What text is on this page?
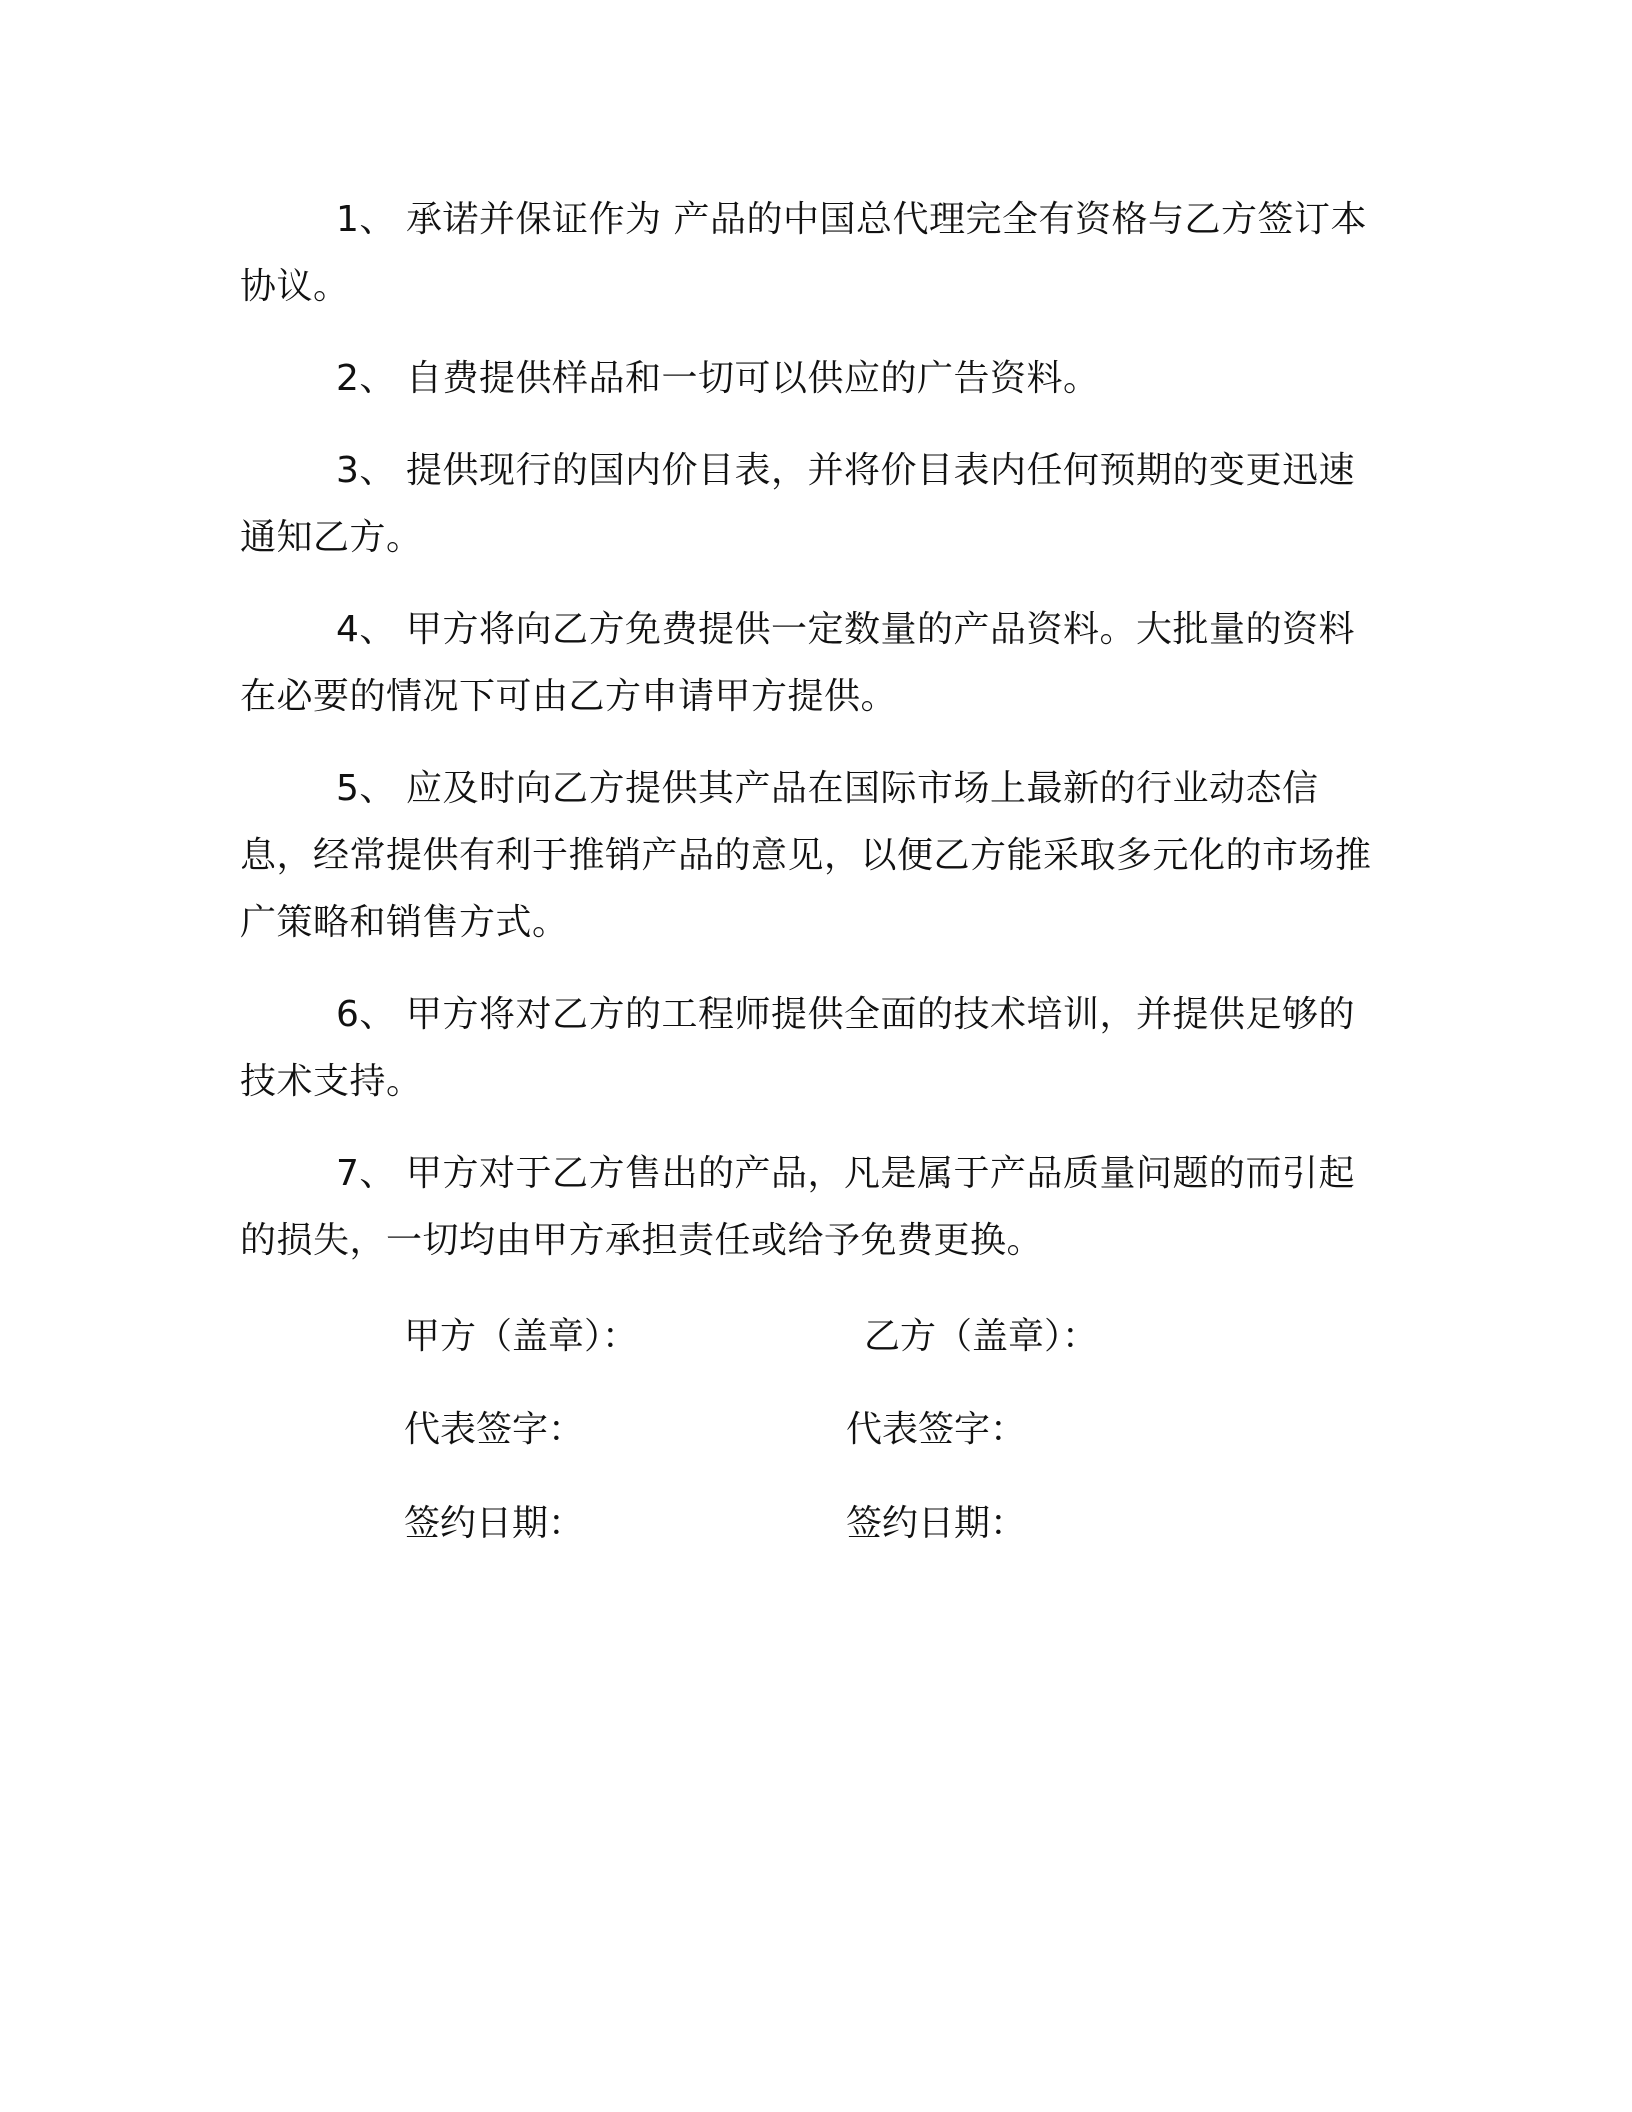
1、 承诺并保证作为 产品的中国总代理完全有资格与乙方签订本协议。

2、 自费提供样品和一切可以供应的广告资料。

3、 提供现行的国内价目表，并将价目表内任何预期的变更迅速通知乙方。

4、 甲方将向乙方免费提供一定数量的产品资料。大批量的资料在必要的情况下可由乙方申请甲方提供。

5、 应及时向乙方提供其产品在国际市场上最新的行业动态信息，经常提供有利于推销产品的意见，以便乙方能采取多元化的市场推广策略和销售方式。

6、 甲方将对乙方的工程师提供全面的技术培训，并提供足够的技术支持。

7、 甲方对于乙方售出的产品，凡是属于产品质量问题的而引起的损失，一切均由甲方承担责任或给予免费更换。

甲方（盖章）：	乙方（盖章）：
代表签字：	代表签字：
签约日期：	签约日期：
